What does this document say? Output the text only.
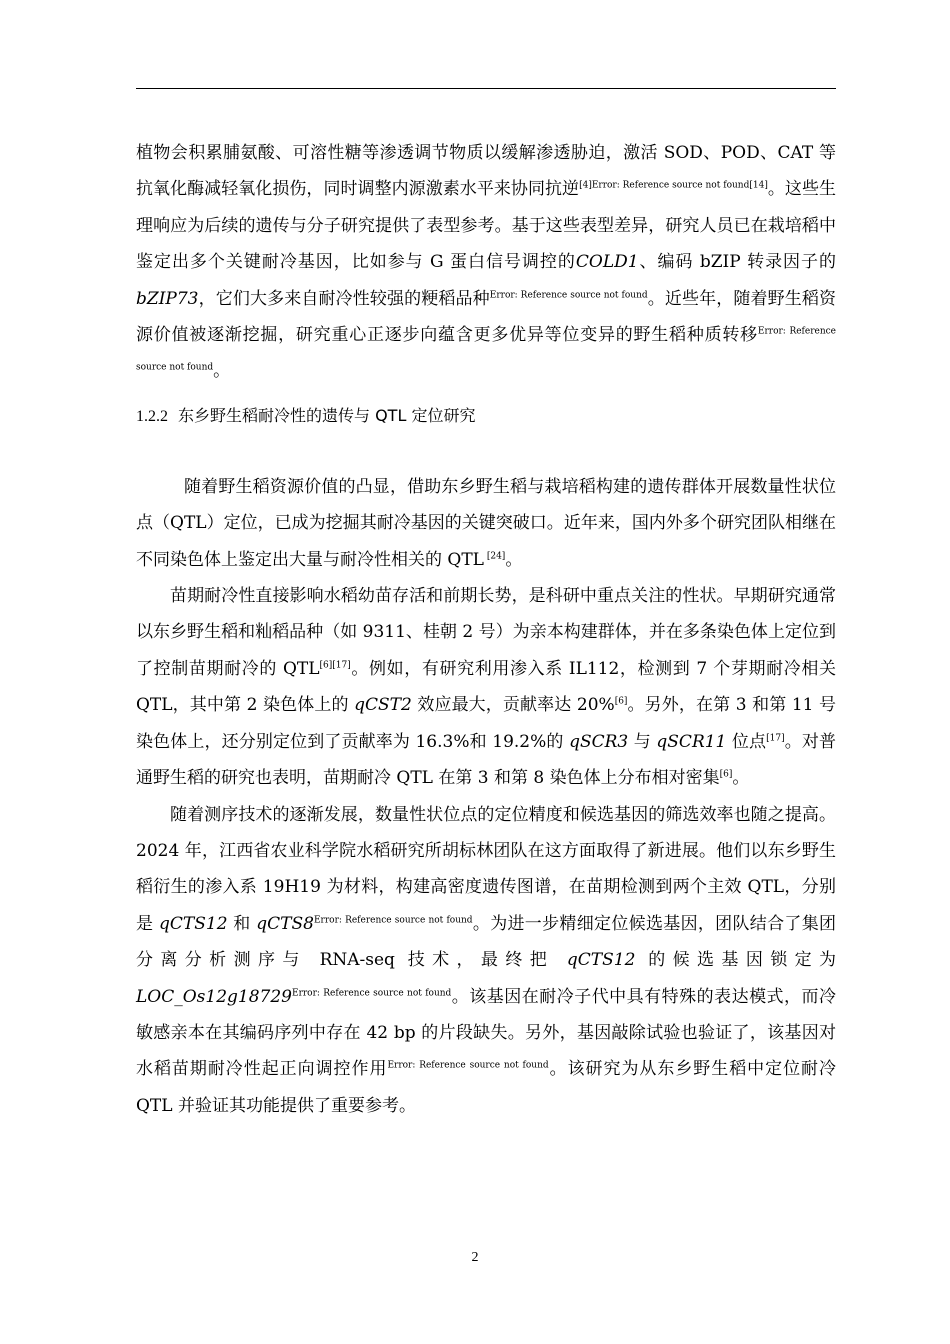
植物会积累脯氨酸、可溶性糖等渗透调节物质以缓解渗透胁迫，激活 SOD、POD、CAT 等抗氧化酶减轻氧化损伤，同时调整内源激素水平来协同抗逆[4]Error: Reference source not found[14]。这些生理响应为后续的遗传与分子研究提供了表型参考。基于这些表型差异，研究人员已在栽培稻中鉴定出多个关键耐冷基因，比如参与 G 蛋白信号调控的COLD1、编码 bZIP 转录因子的 bZIP73，它们大多来自耐冷性较强的粳稻品种$^{Error: Reference source not found}$。近些年，随着野生稻资源价值被逐渐挖掘，研究重心正逐步向蕴含更多优异等位变异的野生稻种质转移$^{Error: Reference source not found}$。

1.2.2 东乡野生稻耐冷性的遗传与 QTL 定位研究

随着野生稻资源价值的凸显，借助东乡野生稻与栽培稻构建的遗传群体开展数量性状位点（QTL）定位，已成为挖掘其耐冷基因的关键突破口。近年来，国内外多个研究团队相继在不同染色体上鉴定出大量与耐冷性相关的 QTL [24]。

苗期耐冷性直接影响水稻幼苗存活和前期长势，是科研中重点关注的性状。早期研究通常以东乡野生稻和籼稻品种（如 9311、桂朝 2 号）为亲本构建群体，并在多条染色体上定位到了控制苗期耐冷的 QTL[6][17]。例如，有研究利用渗入系 IL112，检测到 7 个芽期耐冷相关 QTL，其中第 2 染色体上的 qCST2 效应最大，贡献率达 20%[6]。另外，在第 3 和第 11 号染色体上，还分别定位到了贡献率为 16.3%和 19.2%的 qSCR3 与 qSCR11 位点[17]。对普通野生稻的研究也表明，苗期耐冷 QTL 在第 3 和第 8 染色体上分布相对密集[6]。

随着测序技术的逐渐发展，数量性状位点的定位精度和候选基因的筛选效率也随之提高。2024 年，江西省农业科学院水稻研究所胡标林团队在这方面取得了新进展。他们以东乡野生稻衍生的渗入系 19H19 为材料，构建高密度遗传图谱，在苗期检测到两个主效 QTL，分别是 qCTS12 和 $qCTS8^{Error: Reference source not found}$。为进一步精细定位候选基因，团队结合了集团分离分析测序与 RNA-seq 技术，最终把 qCTS12 的候选基因锁定为 $LOC\_Os12g18729^{Error: Reference source not found}$。该基因在耐冷子代中具有特殊的表达模式，而冷敏感亲本在其编码序列中存在 42 bp 的片段缺失。另外，基因敲除试验也验证了，该基因对水稻苗期耐冷性起正向调控作用$^{Error: Reference source not found}$。该研究为从东乡野生稻中定位耐冷 QTL 并验证其功能提供了重要参考。

2
